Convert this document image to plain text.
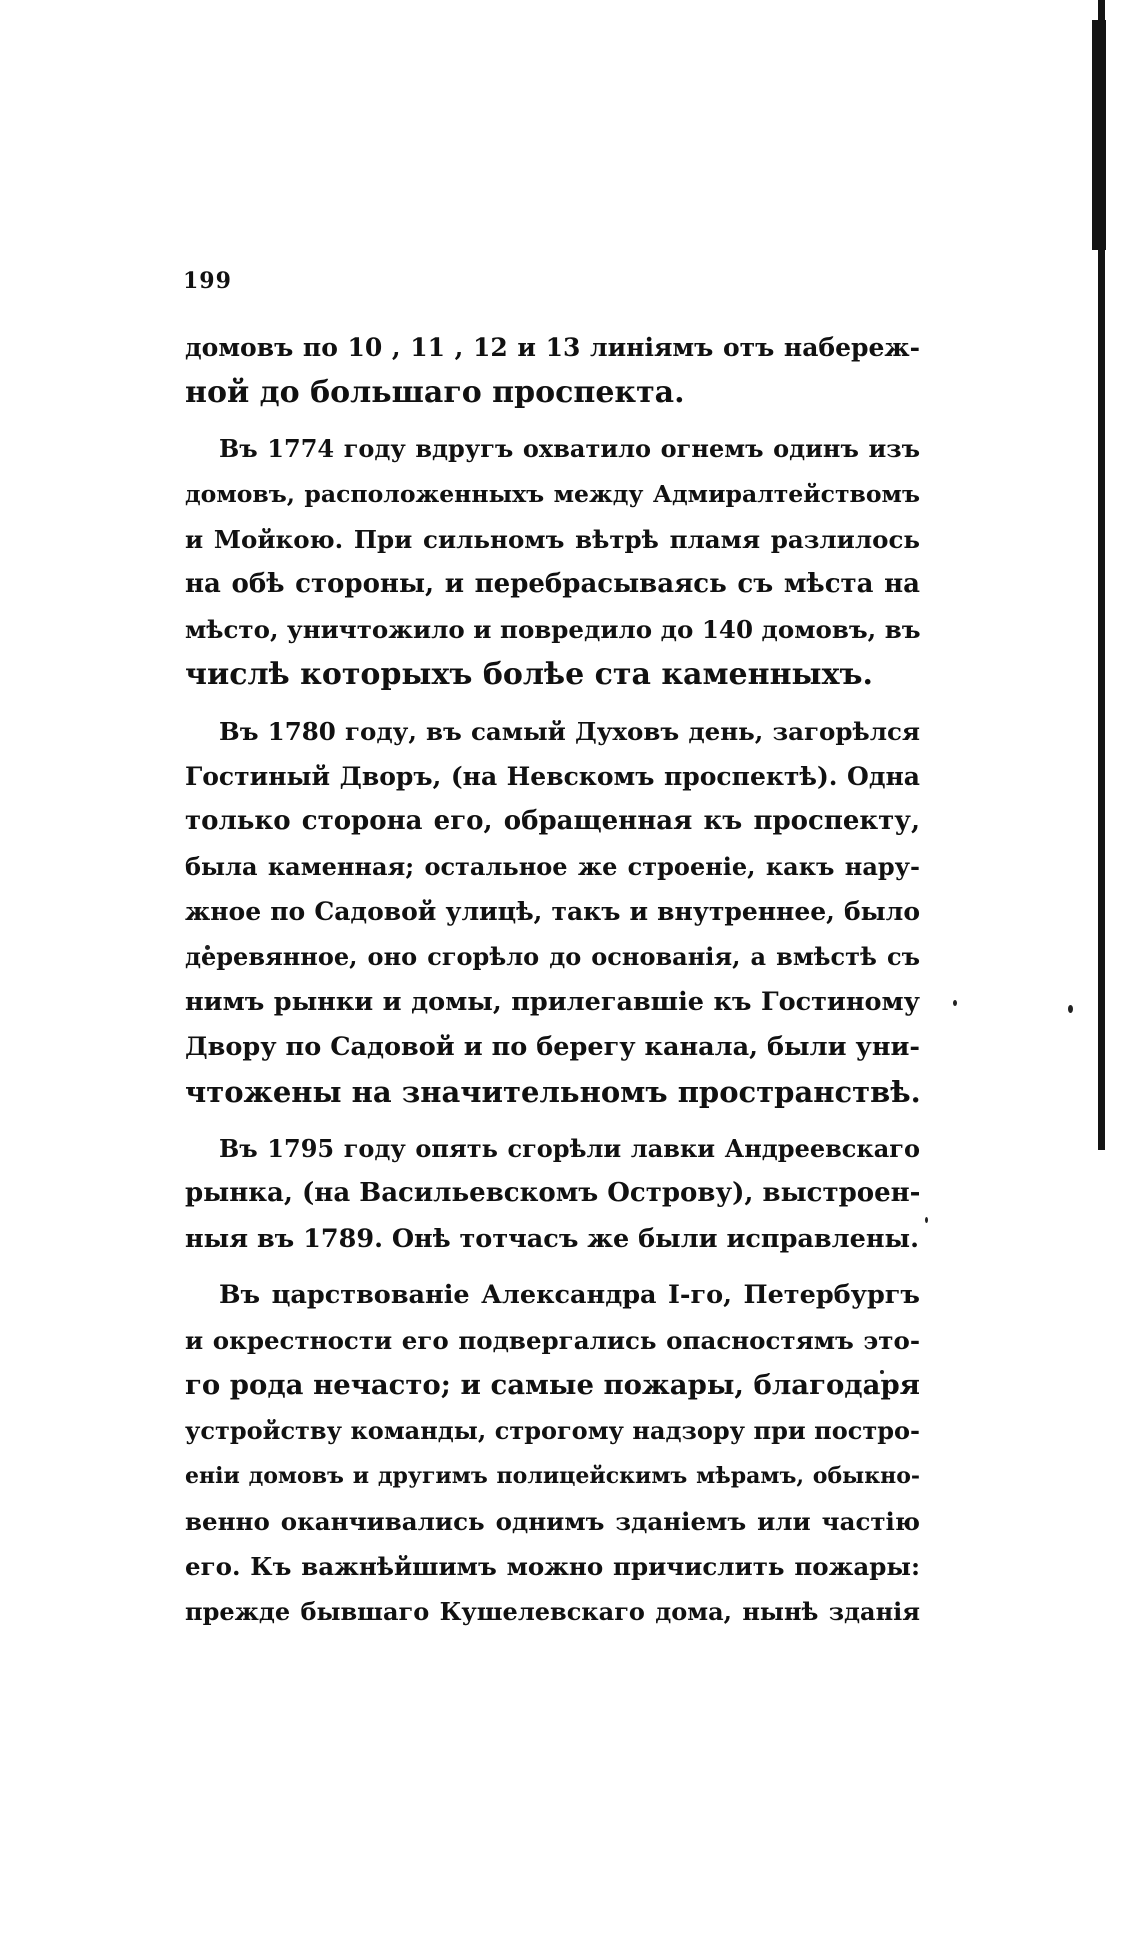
199
домовъ по 10 , 11 , 12 и 13 линіямъ отъ набереж-
ной до большаго проспекта.
Въ 1774 году вдругъ охватило огнемъ одинъ изъ
домовъ, расположенныхъ между Адмиралтействомъ
и Мойкою. При сильномъ вѣтрѣ пламя разлилось
на обѣ стороны, и перебрасываясь съ мѣста на
мѣсто, уничтожило и повредило до 140 домовъ, въ
числѣ которыхъ болѣе ста каменныхъ.
Въ 1780 году, въ самый Духовъ день, загорѣлся
Гостиный Дворъ, (на Невскомъ проспектѣ). Одна
только сторона его, обращенная къ проспекту,
была каменная; остальное же строеніе, какъ нару-
жное по Садовой улицѣ, такъ и внутреннее, было
деревянное, оно сгорѣло до основанія, а вмѣстѣ съ
нимъ рынки и домы, прилегавшіе къ Гостиному
Двору по Садовой и по берегу канала, были уни-
чтожены на значительномъ пространствѣ.
Въ 1795 году опять сгорѣли лавки Андреевскаго
рынка, (на Васильевскомъ Острову), выстроен-
ныя въ 1789. Онѣ тотчасъ же были исправлены.
Въ царствованіе Александра I-го, Петербургъ
и окрестности его подвергались опасностямъ это-
го рода нечасто; и самые пожары, благодаря
устройству команды, строгому надзору при постро-
еніи домовъ и другимъ полицейскимъ мѣрамъ, обыкно-
венно оканчивались однимъ зданіемъ или частію
его. Къ важнѣйшимъ можно причислить пожары:
прежде бывшаго Кушелевскаго дома, нынѣ зданія
